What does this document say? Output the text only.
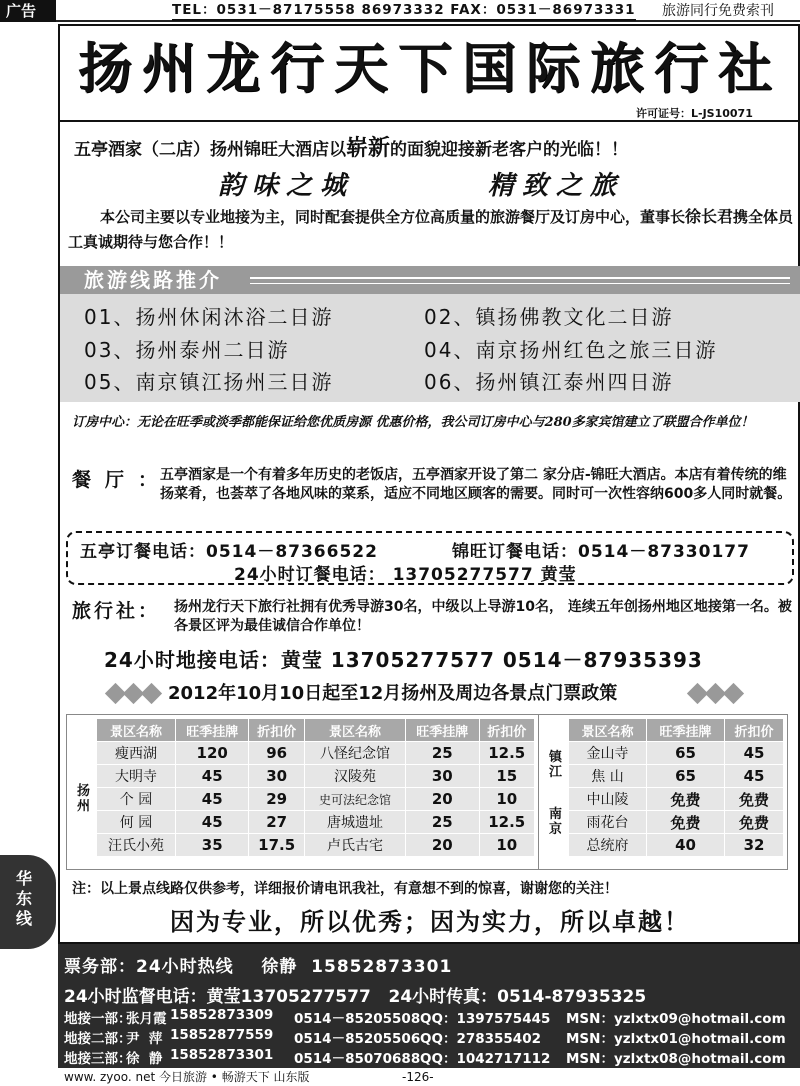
广告	TEL：0531－87175558 86973332 FAX：0531－86973331 旅游同行免费索刊
扬州龙行天下国际旅行社
许可证号：L-JS10071
五亭酒家（二店）扬州锦旺大酒店以崭新的面貌迎接新老客户的光临！！
韵味之城	精致之旅
本公司主要以专业地接为主，同时配套提供全方位高质量的旅游餐厅及订房中心，董事长徐长君携全体员工真诚期待与您合作！！
旅游线路推介
01、扬州休闲沐浴二日游	02、镇扬佛教文化二日游
03、扬州泰州二日游	04、南京扬州红色之旅三日游
05、南京镇江扬州三日游	06、扬州镇江泰州四日游
订房中心：无论在旺季或淡季都能保证给您优质房源 优惠价格，我公司订房中心与280多家宾馆建立了联盟合作单位！
餐厅：
五亭酒家是一个有着多年历史的老饭店，五亭酒家开设了第二 家分店-锦旺大酒店。本店有着传统的维扬菜肴，也荟萃了各地风味的菜系，适应不同地区顾客的需要。同时可一次性容纳600多人同时就餐。
五亭订餐电话：0514－87366522	锦旺订餐电话：0514－87330177
24小时订餐电话： 13705277577 黄莹
旅行社： 扬州龙行天下旅行社拥有优秀导游30名，中级以上导游10名， 连续五年创扬州地区地接第一名。被各景区评为最佳诚信合作单位！
24小时地接电话：黄莹 13705277577 0514－87935393
2012年10月10日起至12月扬州及周边各景点门票政策
	景区名称	旺季挂牌	折扣价	景区名称	旺季挂牌	折扣价
扬州	瘦西湖	120	96	八怪纪念馆	25	12.5
	大明寺	45	30	汉陵苑	30	15
	个 园	45	29	史可法纪念馆	20	10
	何 园	45	27	唐城遗址	25	12.5
	汪氏小苑	35	17.5	卢氏古宅	20	10
	景区名称	旺季挂牌	折扣价
镇江	金山寺	65	45
	焦 山	65	45
南京	中山陵	免费	免费
	雨花台	免费	免费
	总统府	40	32
注：以上景点线路仅供参考，详细报价请电讯我社，有意想不到的惊喜，谢谢您的关注！
因为专业，所以优秀；因为实力，所以卓越！
华
东
线
票务部：24小时热线    徐静  15852873301
24小时监督电话：黄莹13705277577   24小时传真：0514-87935325
地接一部：
张月霞 15852873309 0514－85205508 QQ：1397575445 MSN：yzlxtx09@hotmail.com
地接二部：
尹  萍 15852877559 0514－85205506 QQ：278355402 MSN：yzlxtx01@hotmail.com
地接三部：
徐  静 15852873301 0514－85070688 QQ：1042717112 MSN：yzlxtx08@hotmail.com
www. zyoo. net 今日旅游 • 畅游天下 山东版	-126-
